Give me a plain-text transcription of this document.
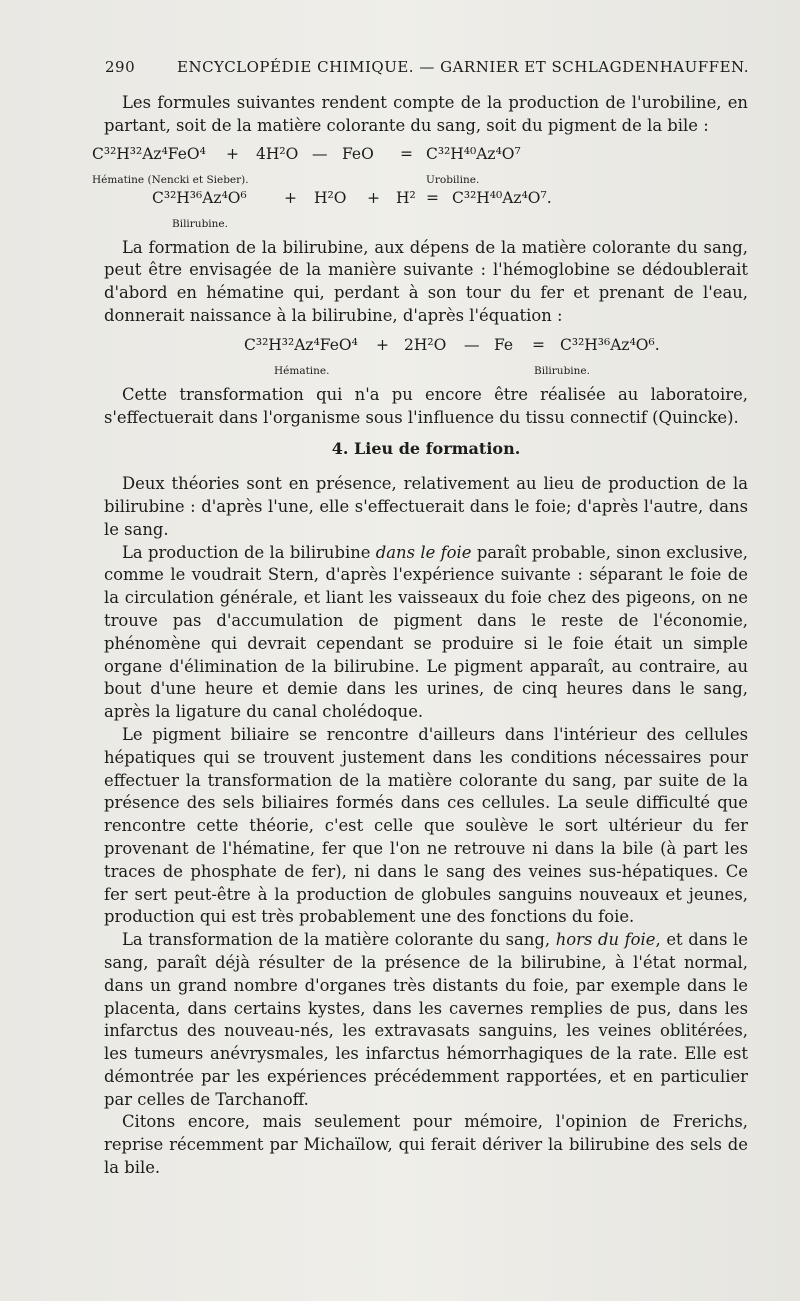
290	ENCYCLOPÉDIE CHIMIQUE. — GARNIER ET SCHLAGDENHAUFFEN.

Les formules suivantes rendent compte de la production de l'urobiline, en partant, soit de la matière colorante du sang, soit du pigment de la bile :

C³²H³²Az⁴FeO⁴ + 4H²O — FeO = C³²H⁴⁰Az⁴O⁷
Hématine (Nencki et Sieber).	Urobiline.
C³²H³⁶Az⁴O⁶ + H²O + H² = C³²H⁴⁰Az⁴O⁷.
Bilirubine.

La formation de la bilirubine, aux dépens de la matière colorante du sang, peut être envisagée de la manière suivante : l'hémoglobine se dédoublerait d'abord en hématine qui, perdant à son tour du fer et prenant de l'eau, donnerait naissance à la bilirubine, d'après l'équation :

C³²H³²Az⁴FeO⁴ + 2H²O — Fe = C³²H³⁶Az⁴O⁶.
Hématine.	Bilirubine.

Cette transformation qui n'a pu encore être réalisée au laboratoire, s'effectuerait dans l'organisme sous l'influence du tissu connectif (Quincke).

4. Lieu de formation.

Deux théories sont en présence, relativement au lieu de production de la bilirubine : d'après l'une, elle s'effectuerait dans le foie; d'après l'autre, dans le sang.

La production de la bilirubine dans le foie paraît probable, sinon exclusive, comme le voudrait Stern, d'après l'expérience suivante : séparant le foie de la circulation générale, et liant les vaisseaux du foie chez des pigeons, on ne trouve pas d'accumulation de pigment dans le reste de l'économie, phénomène qui devrait cependant se produire si le foie était un simple organe d'élimination de la bilirubine. Le pigment apparaît, au contraire, au bout d'une heure et demie dans les urines, de cinq heures dans le sang, après la ligature du canal cholédoque.

Le pigment biliaire se rencontre d'ailleurs dans l'intérieur des cellules hépatiques qui se trouvent justement dans les conditions nécessaires pour effectuer la transformation de la matière colorante du sang, par suite de la présence des sels biliaires formés dans ces cellules. La seule difficulté que rencontre cette théorie, c'est celle que soulève le sort ultérieur du fer provenant de l'hématine, fer que l'on ne retrouve ni dans la bile (à part les traces de phosphate de fer), ni dans le sang des veines sus-hépatiques. Ce fer sert peut-être à la production de globules sanguins nouveaux et jeunes, production qui est très probablement une des fonctions du foie.

La transformation de la matière colorante du sang, hors du foie, et dans le sang, paraît déjà résulter de la présence de la bilirubine, à l'état normal, dans un grand nombre d'organes très distants du foie, par exemple dans le placenta, dans certains kystes, dans les cavernes remplies de pus, dans les infarctus des nouveau-nés, les extravasats sanguins, les veines oblitérées, les tumeurs anévrysmales, les infarctus hémorrhagiques de la rate. Elle est démontrée par les expériences précédemment rapportées, et en particulier par celles de Tarchanoff.

Citons encore, mais seulement pour mémoire, l'opinion de Frerichs, reprise récemment par Michaïlow, qui ferait dériver la bilirubine des sels de la bile.
